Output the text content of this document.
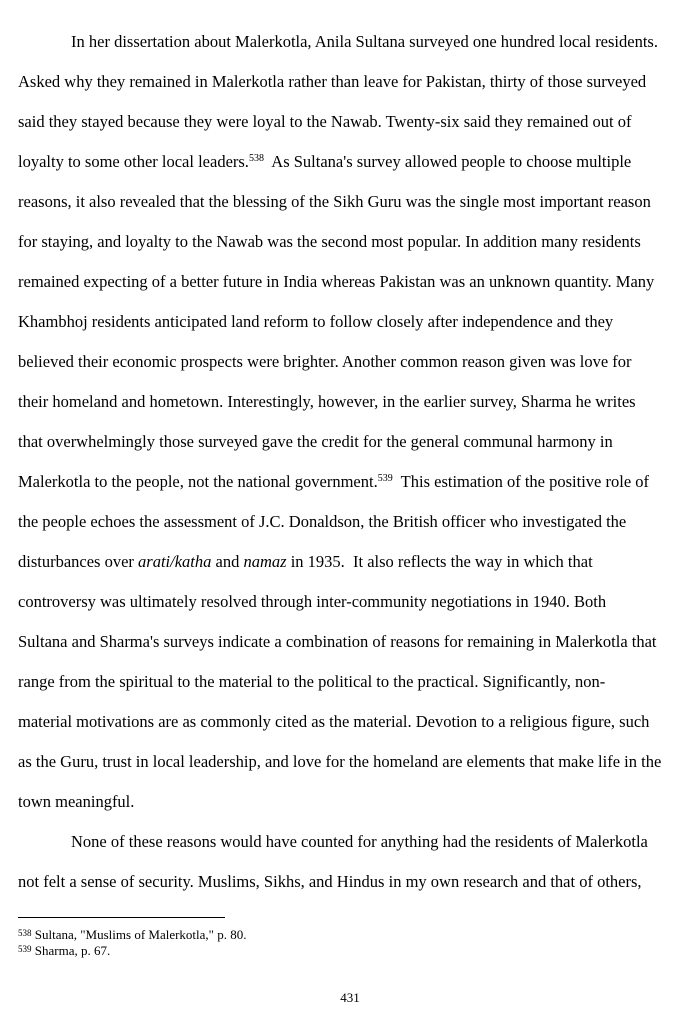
In her dissertation about Malerkotla, Anila Sultana surveyed one hundred local residents.

Asked why they remained in Malerkotla rather than leave for Pakistan, thirty of those surveyed

said they stayed because they were loyal to the Nawab. Twenty-six said they remained out of

loyalty to some other local leaders.$^{538}$  As Sultana's survey allowed people to choose multiple

reasons, it also revealed that the blessing of the Sikh Guru was the single most important reason

for staying, and loyalty to the Nawab was the second most popular. In addition many residents

remained expecting of a better future in India whereas Pakistan was an unknown quantity. Many

Khambhoj residents anticipated land reform to follow closely after independence and they

believed their economic prospects were brighter. Another common reason given was love for

their homeland and hometown. Interestingly, however, in the earlier survey, Sharma he writes

that overwhelmingly those surveyed gave the credit for the general communal harmony in

Malerkotla to the people, not the national government.$^{539}$  This estimation of the positive role of

the people echoes the assessment of J.C. Donaldson, the British officer who investigated the

disturbances over arati/katha and namaz in 1935.  It also reflects the way in which that

controversy was ultimately resolved through inter-community negotiations in 1940. Both

Sultana and Sharma's surveys indicate a combination of reasons for remaining in Malerkotla that

range from the spiritual to the material to the political to the practical. Significantly, non-

material motivations are as commonly cited as the material. Devotion to a religious figure, such

as the Guru, trust in local leadership, and love for the homeland are elements that make life in the

town meaningful.

None of these reasons would have counted for anything had the residents of Malerkotla

not felt a sense of security. Muslims, Sikhs, and Hindus in my own research and that of others,

$^{538}$ Sultana, "Muslims of Malerkotla," p. 80.

$^{539}$ Sharma, p. 67.

431
